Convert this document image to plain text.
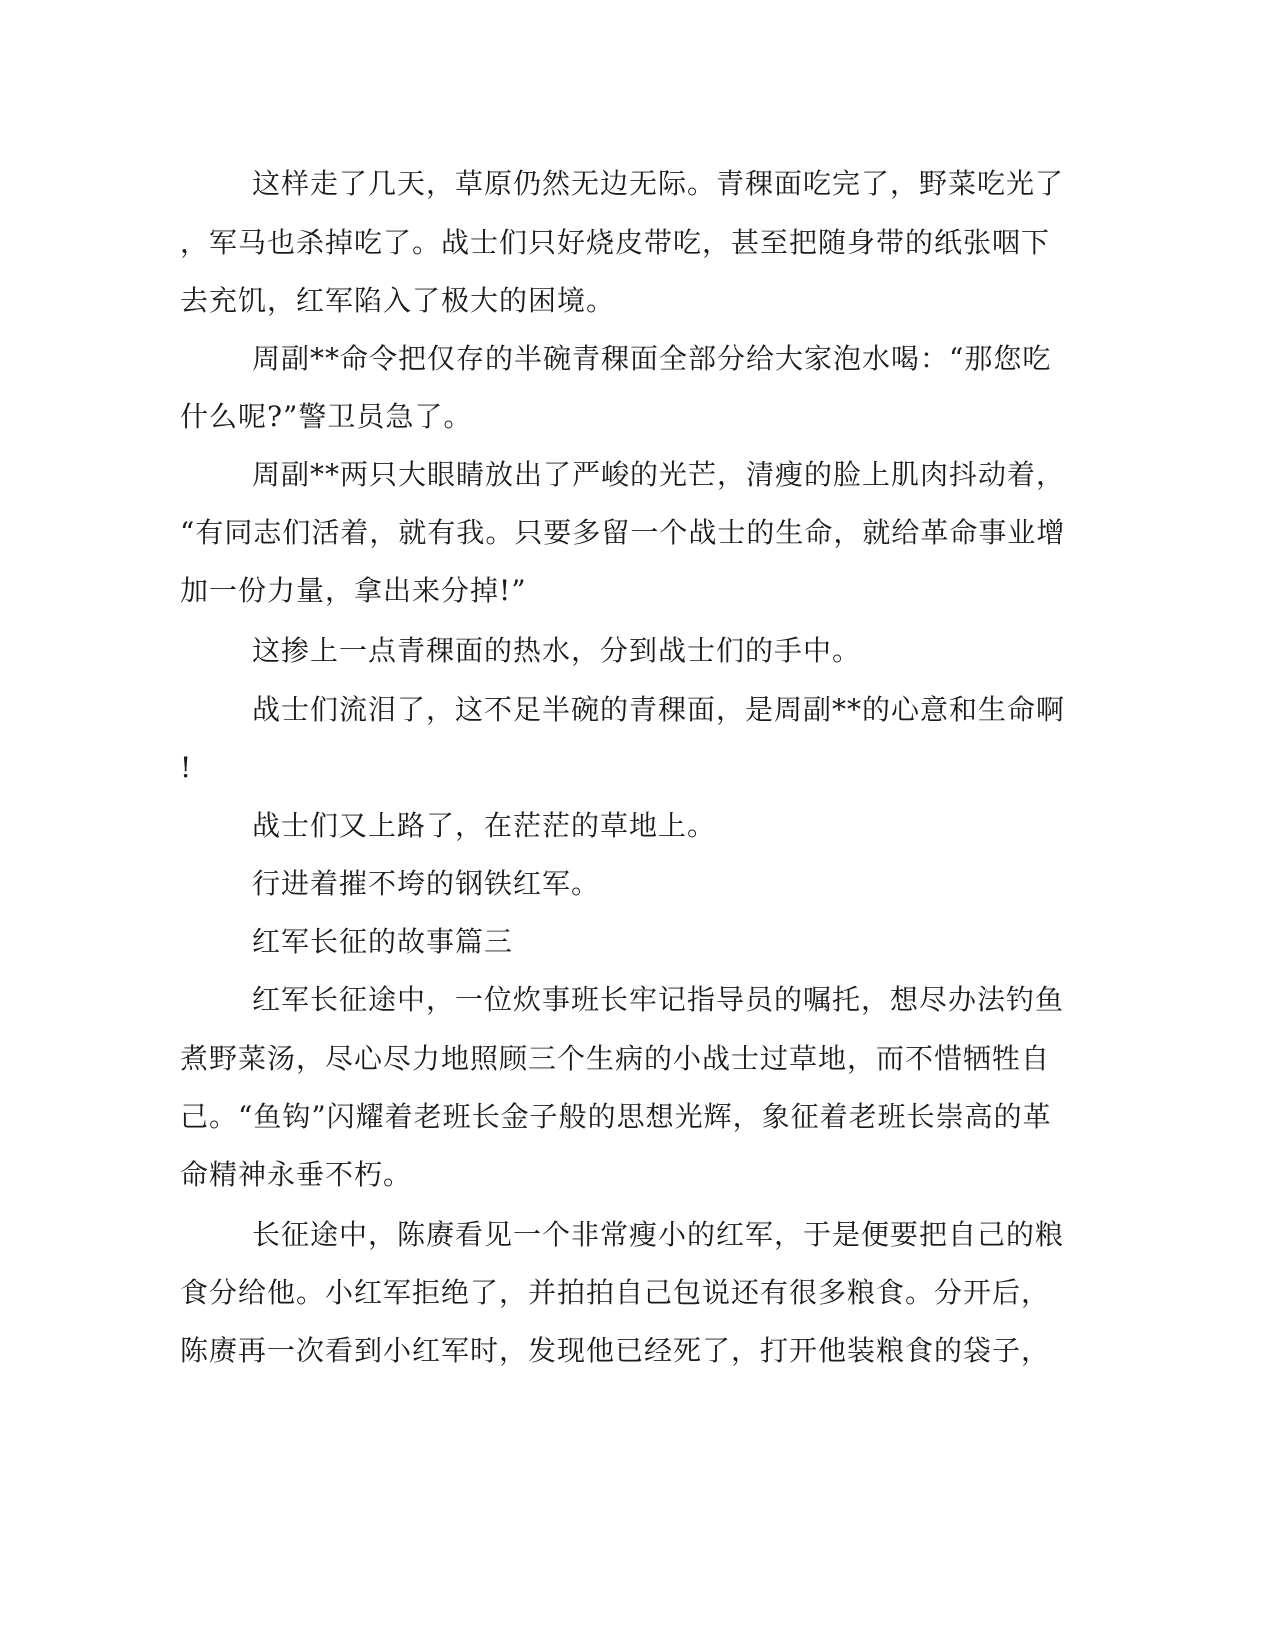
这样走了几天，草原仍然无边无际。青稞面吃完了，野菜吃光了
，军马也杀掉吃了。战士们只好烧皮带吃，甚至把随身带的纸张咽下
去充饥，红军陷入了极大的困境。
周副**命令把仅存的半碗青稞面全部分给大家泡水喝：“那您吃
什么呢?”警卫员急了。
周副**两只大眼睛放出了严峻的光芒，清瘦的脸上肌肉抖动着，
“有同志们活着，就有我。只要多留一个战士的生命，就给革命事业增
加一份力量，拿出来分掉!”
这掺上一点青稞面的热水，分到战士们的手中。
战士们流泪了，这不足半碗的青稞面，是周副**的心意和生命啊
!
战士们又上路了，在茫茫的草地上。
行进着摧不垮的钢铁红军。
红军长征的故事篇三
红军长征途中，一位炊事班长牢记指导员的嘱托，想尽办法钓鱼
煮野菜汤，尽心尽力地照顾三个生病的小战士过草地，而不惜牺牲自
己。“鱼钩”闪耀着老班长金子般的思想光辉，象征着老班长崇高的革
命精神永垂不朽。
长征途中，陈赓看见一个非常瘦小的红军，于是便要把自己的粮
食分给他。小红军拒绝了，并拍拍自己包说还有很多粮食。分开后，
陈赓再一次看到小红军时，发现他已经死了，打开他装粮食的袋子，
